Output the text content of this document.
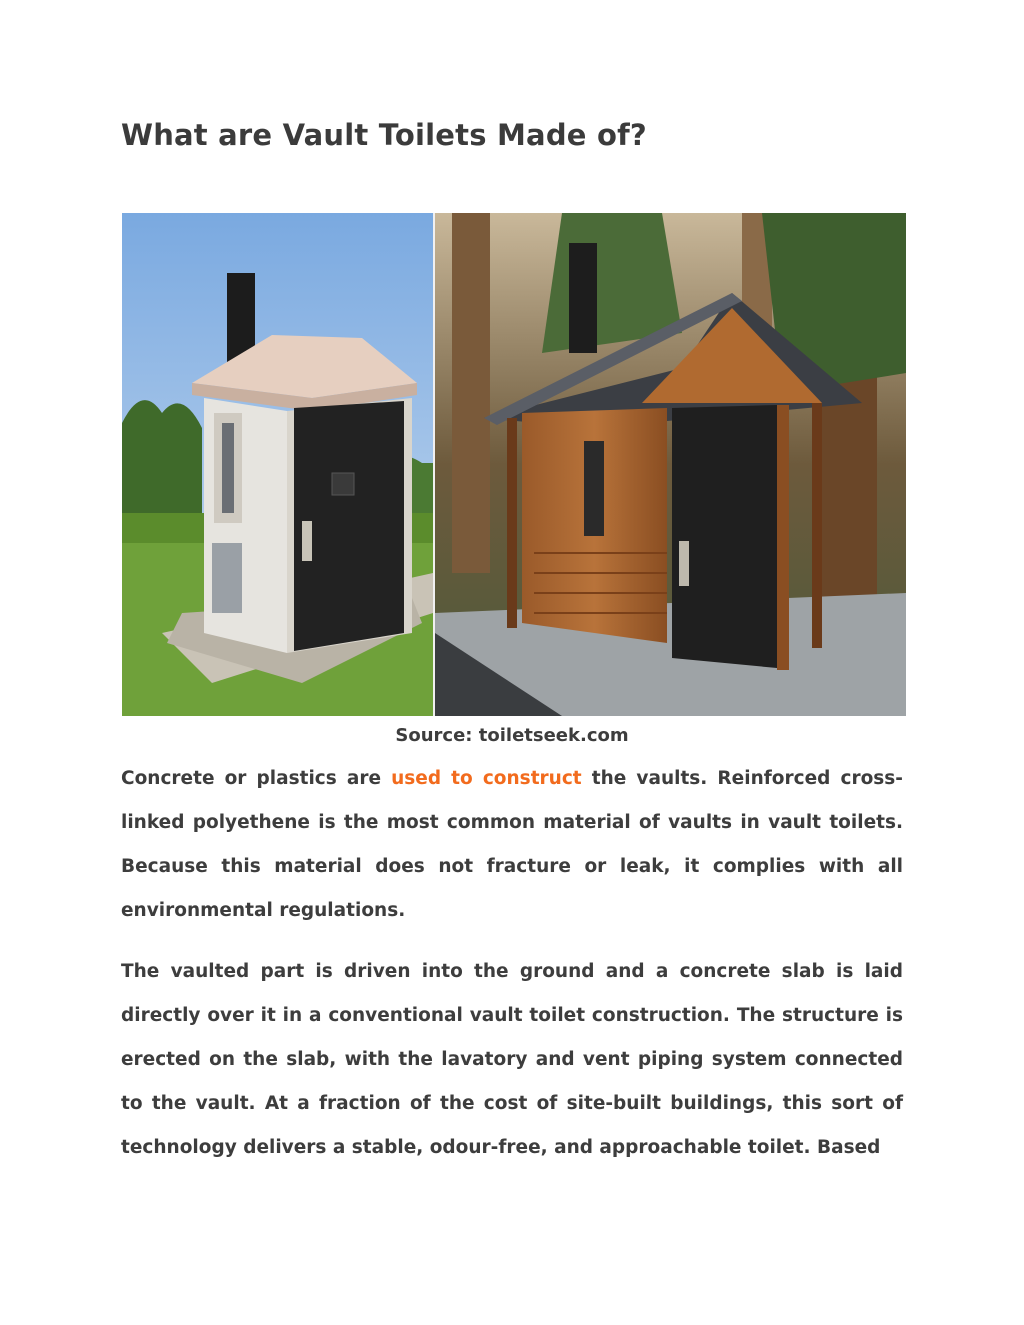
What are Vault Toilets Made of?
Source: toiletseek.com

Concrete or plastics are used to construct the vaults. Reinforced cross-linked polyethene is the most common material of vaults in vault toilets. Because this material does not fracture or leak, it complies with all environmental regulations.

The vaulted part is driven into the ground and a concrete slab is laid directly over it in a conventional vault toilet construction. The structure is erected on the slab, with the lavatory and vent piping system connected to the vault. At a fraction of the cost of site-built buildings, this sort of technology delivers a stable, odour-free, and approachable toilet. Based
